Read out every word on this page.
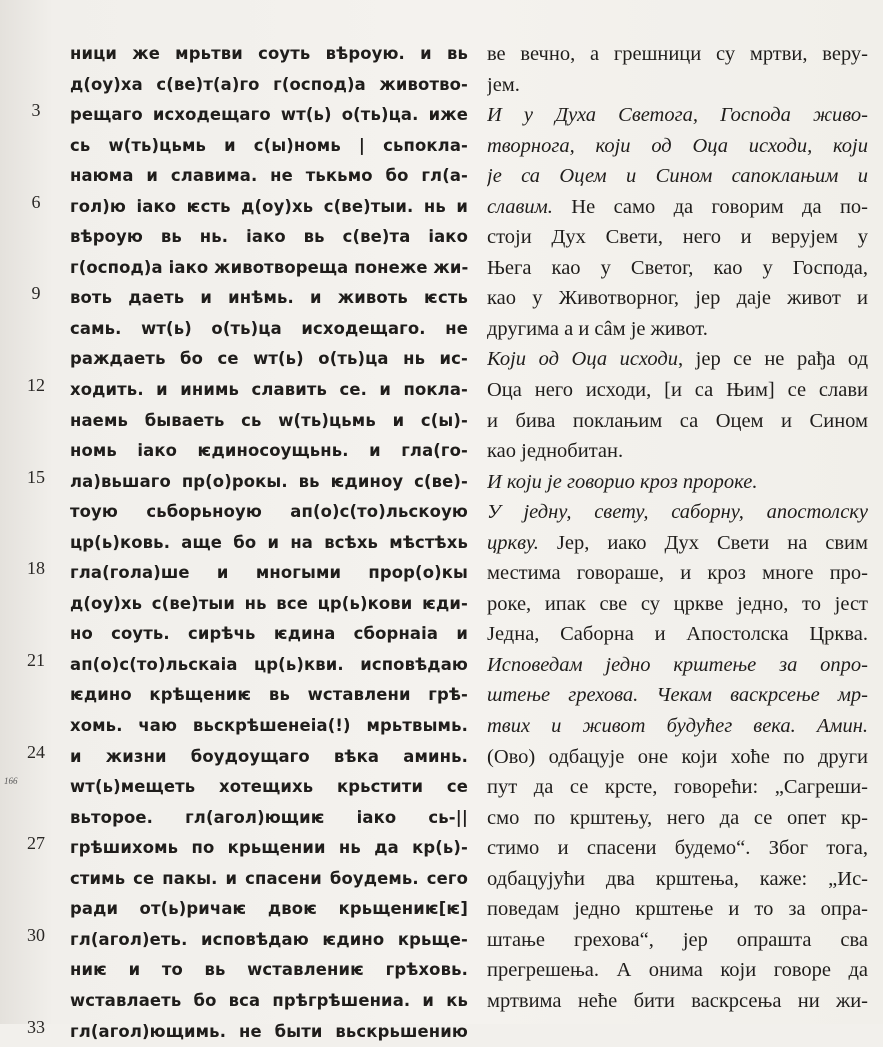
3
6
9
12
15
18
21
24
27
30
33
166
ници же мрьтви соуть вѣроую. и вь
д(оу)ха с(ве)т(а)го г(оспод)а животво-
рещаго исходещаго wт(ь) о(ть)ца. иже
сь w(ть)цьмь и с(ы)номь | сьпокла-
наюма и славима. не тькьмо бо гл(а-
гол)ю іако ѥсть д(оу)хь с(ве)тыи. нь и
вѣроую вь нь. іако вь с(ве)та іако
г(оспод)а іако животвореща понеже жи-
вoть даеть и инѣмь. и животь ѥсть
самь. wт(ь) о(ть)ца исходещаго. не
раждаеть бо се wт(ь) о(ть)ца нь ис-
ходить. и инимь славить се. и покла-
наемь бываеть сь w(ть)цьмь и с(ы)-
номь іако ѥдиносоущьнь. и гла(го-
ла)вьшаго пр(о)рокы. вь ѥдиноу с(ве)-
тоую сьборьноую ап(о)с(то)льскоую
цр(ь)ковь. аще бо и на всѣхь мѣстѣхь
гла(гола)ше и многыми прор(о)кы
д(оу)хь с(ве)тыи нь все цр(ь)кови ѥди-
но соуть. сирѣчь ѥдина сборнаіа и
ап(о)с(то)льскаіа цр(ь)кви. исповѣдаю
ѥдино крѣщениѥ вь wставлени грѣ-
хомь. чаю вьскрѣшенеia(!) мрьтвымь.
и жизни боудоущаго вѣка аминь.
wт(ь)мещеть хотещихь крьстити се
вьторое. гл(агол)ющиѥ іако сь-||
грѣшихомь по крьщении нь да кр(ь)-
стимь се пакы. и спасени боудемь. сего
ради от(ь)ричаѥ двоѥ крьщениѥ[ѥ]
гл(агол)еть. исповѣдаю ѥдино крьще-
ниѥ и то вь wставлениѥ грѣховь.
wставлаеть бо вса прѣгрѣшениа. и кь
гл(агол)ющимь. не быти вьскрьшению
ве вечно, а грешници су мртви, веру-
јем.
И у Духа Светога, Господа живо-
творнога, који од Оца исходи, који
је са Оцем и Сином сапоклањим и
славим. Не само да говорим да по-
стоји Дух Свети, него и верујем у
Њега као у Светог, као у Господа,
као у Животворног, јер даје живот и
другима а и сâм је живот.
Који од Оца исходи, јер се не рађа од
Оца него исходи, [и са Њим] се слави
и бива поклањим са Оцем и Сином
као једнобитан.
И који је говорио кроз пророке.
У једну, свету, саборну, апостолску
цркву. Јер, иако Дух Свети на свим
местима говораше, и кроз многе про-
роке, ипак све су цркве једно, то јест
Једна, Саборна и Апостолска Црква.
Исповедам једно крштење за опро-
штење грехова. Чекам васкрсење мр-
твих и живот будућег века. Амин.
(Ово) одбацује оне који хоће по други
пут да се крсте, говорећи: „Сагреши-
смо по крштењу, него да се опет кр-
стимо и спасени будемо“. Због тога,
одбацујући два крштења, каже: „Ис-
поведам једно крштење и то за опра-
штање грехова“, јер опрашта сва
прегрешења. А онима који говоре да
мртвима неће бити васкрсења ни жи-
